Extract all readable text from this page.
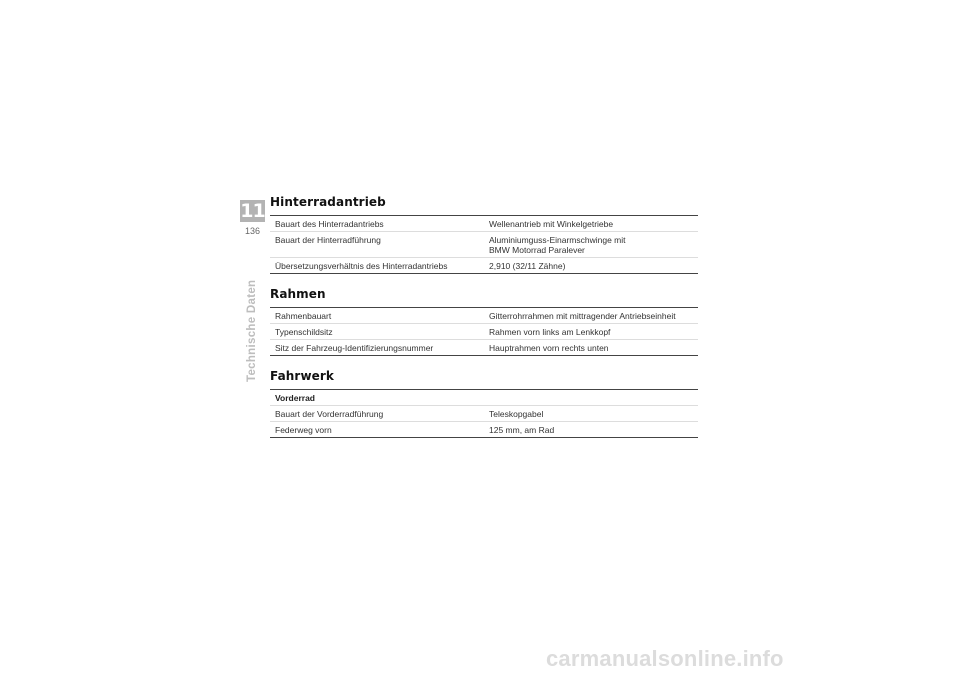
11
136
Technische Daten
Hinterradantrieb
Bauart des Hinterradantriebs	Wellenantrieb mit Winkelgetriebe
Bauart der Hinterradführung	Aluminiumguss-Einarmschwinge mit
BMW Motorrad Paralever
Übersetzungsverhältnis des Hinterradantriebs	2,910 (32/11 Zähne)
Rahmen
Rahmenbauart	Gitterrohrrahmen mit mittragender Antriebseinheit
Typenschildsitz	Rahmen vorn links am Lenkkopf
Sitz der Fahrzeug-Identifizierungsnummer	Hauptrahmen vorn rechts unten
Fahrwerk
Vorderrad
Bauart der Vorderradführung	Teleskopgabel
Federweg vorn	125 mm, am Rad
carmanualsonline.info
